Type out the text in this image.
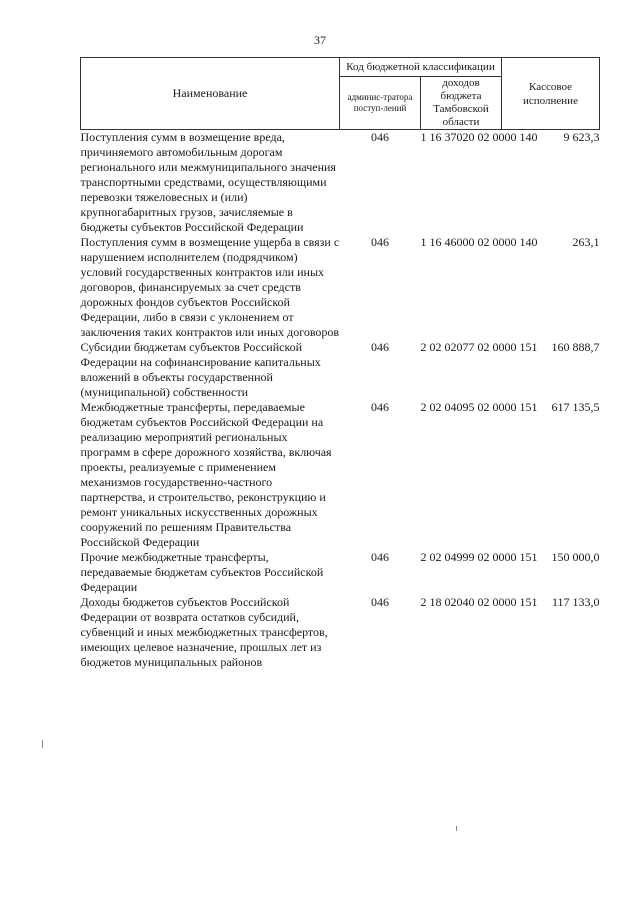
37
Наименование	Код бюджетной классификации		Кассовое исполнение
	админис-тратора поступ-лений	доходов бюджета Тамбовской области	
Поступления сумм в возмещение вреда, причиняемого автомобильным дорогам регионального или межмуниципального значения транспортными средствами, осуществляющими перевозки тяжеловесных и (или) крупногабаритных грузов, зачисляемые в бюджеты субъектов Российской Федерации	046	1 16 37020 02 0000 140	9 623,3
Поступления сумм в возмещение ущерба в связи с нарушением исполнителем (подрядчиком) условий государственных контрактов или иных договоров, финансируемых за счет средств дорожных фондов субъектов Российской Федерации, либо в связи с уклонением от заключения таких контрактов или иных договоров	046	1 16 46000 02 0000 140	263,1
Субсидии бюджетам субъектов Российской Федерации на софинансирование капитальных вложений в объекты государственной (муниципальной) собственности	046	2 02 02077 02 0000 151	160 888,7
Межбюджетные трансферты, передаваемые бюджетам субъектов Российской Федерации на реализацию мероприятий региональных программ в сфере дорожного хозяйства, включая проекты, реализуемые с применением механизмов государственно-частного партнерства, и строительство, реконструкцию и ремонт уникальных искусственных дорожных сооружений по решениям Правительства Российской Федерации	046	2 02 04095 02 0000 151	617 135,5
Прочие межбюджетные трансферты, передаваемые бюджетам субъектов Российской Федерации	046	2 02 04999 02 0000 151	150 000,0
Доходы бюджетов субъектов Российской Федерации от возврата остатков субсидий, субвенций и иных межбюджетных трансфертов, имеющих целевое назначение, прошлых лет из бюджетов муниципальных районов	046	2 18 02040 02 0000 151	117 133,0
